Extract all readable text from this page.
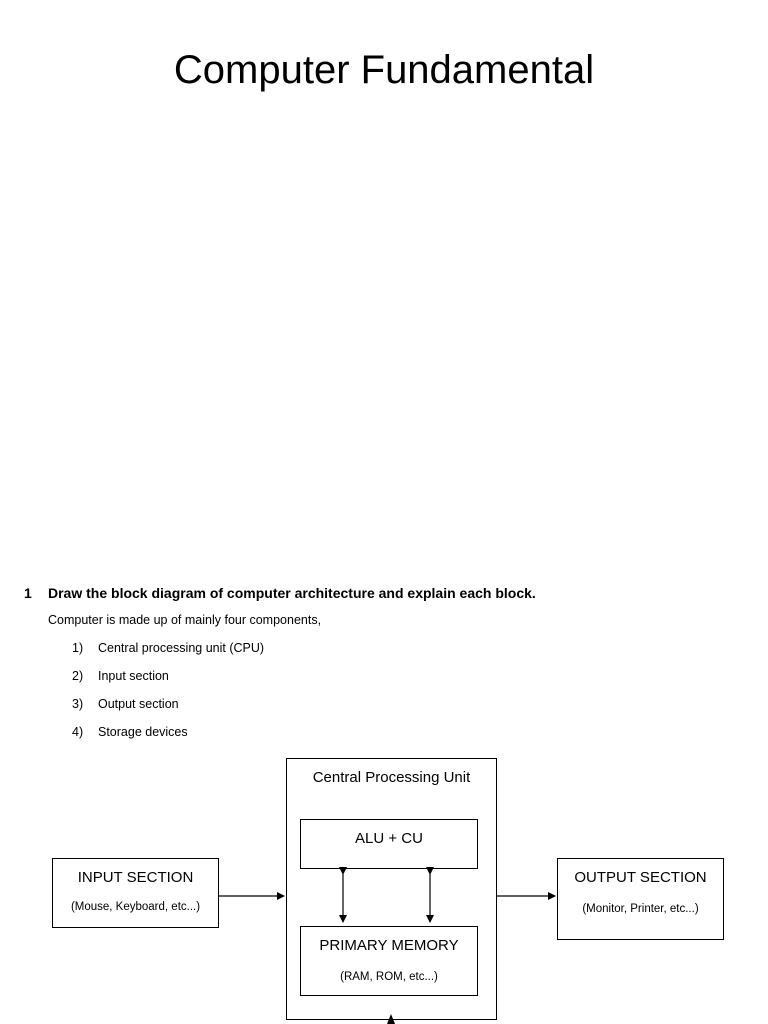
Computer Fundamental
1 Draw the block diagram of computer architecture and explain each block.
Computer is made up of mainly four components,
1) Central processing unit (CPU)
2) Input section
3) Output section
4) Storage devices
Central Processing Unit
ALU + CU
PRIMARY MEMORY
(RAM, ROM, etc...)
INPUT SECTION
(Mouse, Keyboard, etc...)
OUTPUT SECTION
(Monitor, Printer, etc...)
